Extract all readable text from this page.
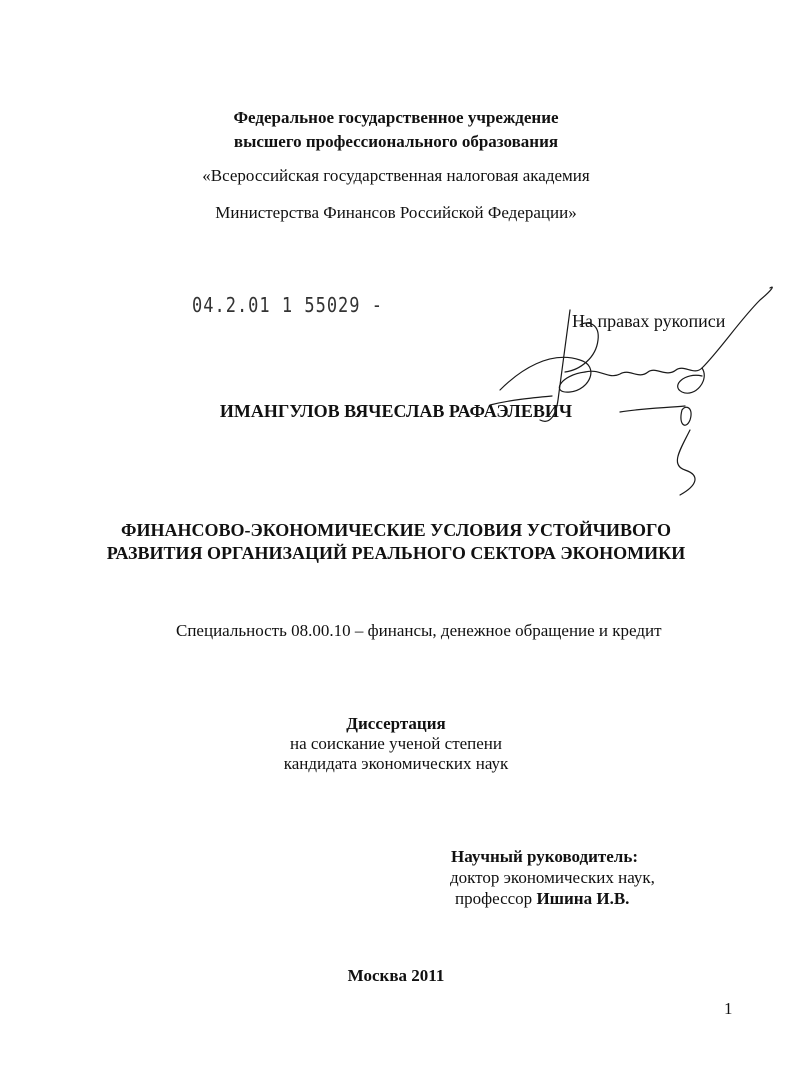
Федеральное государственное учреждение
высшего профессионального образования
«Всероссийская государственная налоговая академия
Министерства Финансов Российской Федерации»
04.2.01 1 55029 -
На правах рукописи
ИМАНГУЛОВ ВЯЧЕСЛАВ РАФАЭЛЕВИЧ
ФИНАНСОВО-ЭКОНОМИЧЕСКИЕ УСЛОВИЯ УСТОЙЧИВОГО
РАЗВИТИЯ ОРГАНИЗАЦИЙ РЕАЛЬНОГО СЕКТОРА ЭКОНОМИКИ
Специальность 08.00.10 – финансы, денежное обращение и кредит
Диссертация
на соискание ученой степени
кандидата экономических наук
Научный руководитель:
доктор экономических наук,
профессор Ишина И.В.
Москва 2011
1
